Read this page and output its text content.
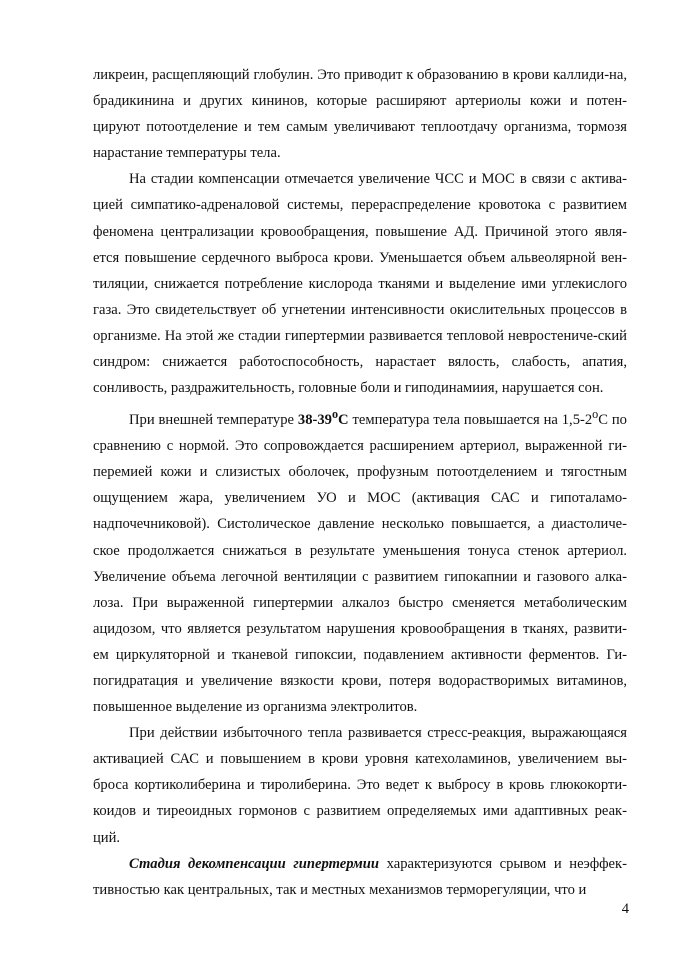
ликреин, расщепляющий глобулин. Это приводит к образованию в крови каллиди-на, брадикинина и других кининов, которые расширяют артериолы кожи и потен-цируют потоотделение и тем самым увеличивают теплоотдачу организма, тормозя нарастание температуры тела.

На стадии компенсации отмечается увеличение ЧСС и МОС в связи с актива-цией симпатико-адреналовой системы, перераспределение кровотока с развитием феномена централизации кровообращения, повышение АД. Причиной этого явля-ется повышение сердечного выброса крови. Уменьшается объем альвеолярной вен-тиляции, снижается потребление кислорода тканями и выделение ими углекислого газа. Это свидетельствует об угнетении интенсивности окислительных процессов в организме. На этой же стадии гипертермии развивается тепловой невростениче-ский синдром: снижается работоспособность, нарастает вялость, слабость, апатия, сонливость, раздражительность, головные боли и гиподинамиия, нарушается сон.

При внешней температуре $38-39^оС$ температура тела повышается на $1,5-2^оС$ по сравнению с нормой. Это сопровождается расширением артериол, выраженной ги-перемией кожи и слизистых оболочек, профузным потоотделением и тягостным ощущением жара, увеличением УО и МОС (активация САС и гипоталамо-надпочечниковой). Систолическое давление несколько повышается, а диастоличе-ское продолжается снижаться в результате уменьшения тонуса стенок артериол. Увеличение объема легочной вентиляции с развитием гипокапнии и газового алка-лоза. При выраженной гипертермии алкалоз быстро сменяется метаболическим ацидозом, что является результатом нарушения кровообращения в тканях, развити-ем циркуляторной и тканевой гипоксии, подавлением активности ферментов. Ги-погидратация и увеличение вязкости крови, потеря водорастворимых витаминов, повышенное выделение из организма электролитов.

При действии избыточного тепла развивается стресс-реакция, выражающаяся активацией САС и повышением в крови уровня катехоламинов, увеличением вы-броса кортиколиберина и тиролиберина. Это ведет к выбросу в кровь глюкокорти-коидов и тиреоидных гормонов с развитием определяемых ими адаптивных реак-ций.

Стадия декомпенсации гипертермии характеризуются срывом и неэффек-тивностью как центральных, так и местных механизмов терморегуляции, что и

4
